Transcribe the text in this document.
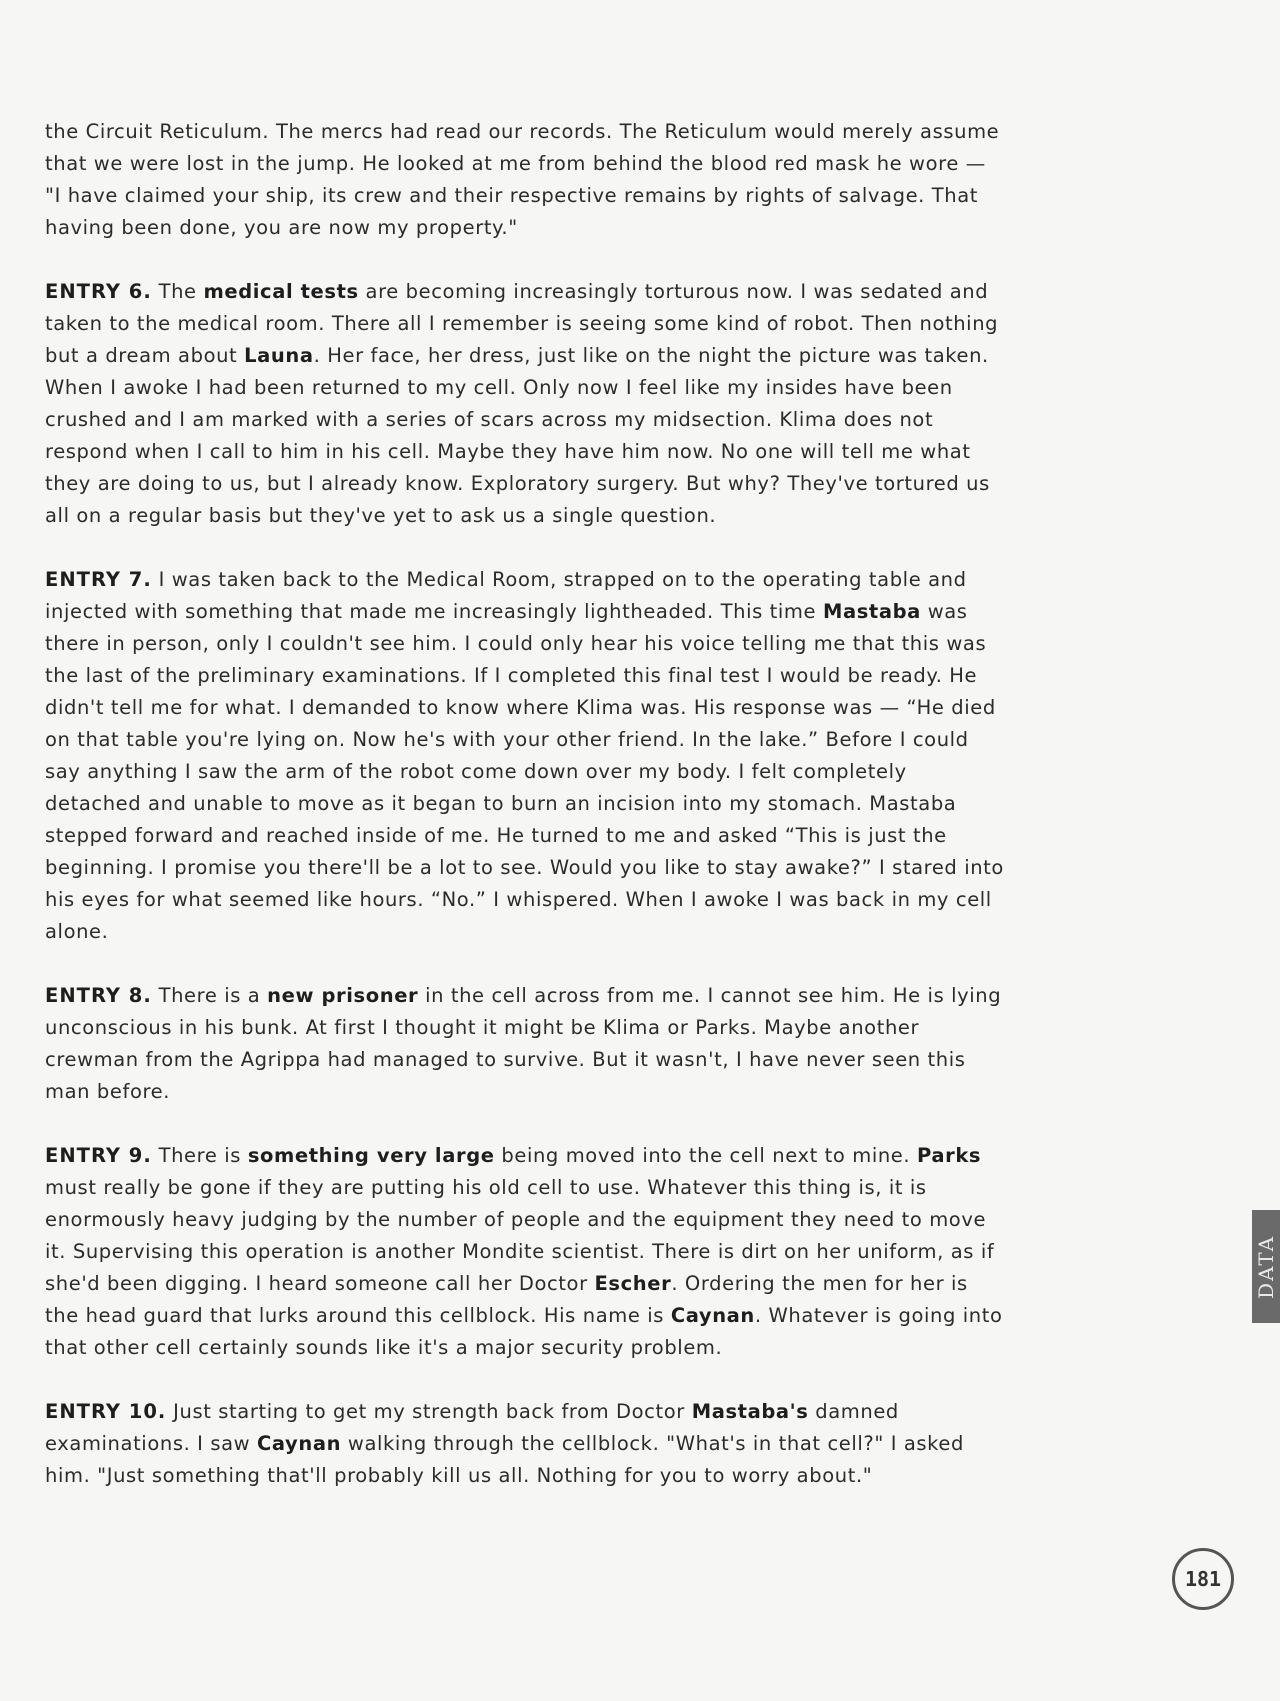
the Circuit Reticulum. The mercs had read our records. The Reticulum would merely assume that we were lost in the jump. He looked at me from behind the blood red mask he wore — "I have claimed your ship, its crew and their respective remains by rights of salvage. That having been done, you are now my property."

ENTRY 6. The medical tests are becoming increasingly torturous now. I was sedated and taken to the medical room. There all I remember is seeing some kind of robot. Then nothing but a dream about Launa. Her face, her dress, just like on the night the picture was taken. When I awoke I had been returned to my cell. Only now I feel like my insides have been crushed and I am marked with a series of scars across my midsection. Klima does not respond when I call to him in his cell. Maybe they have him now. No one will tell me what they are doing to us, but I already know. Exploratory surgery. But why? They've tortured us all on a regular basis but they've yet to ask us a single question.

ENTRY 7. I was taken back to the Medical Room, strapped on to the operating table and injected with something that made me increasingly lightheaded. This time Mastaba was there in person, only I couldn't see him. I could only hear his voice telling me that this was the last of the preliminary examinations. If I completed this final test I would be ready. He didn't tell me for what. I demanded to know where Klima was. His response was — “He died on that table you're lying on. Now he's with your other friend. In the lake.” Before I could say anything I saw the arm of the robot come down over my body. I felt completely detached and unable to move as it began to burn an incision into my stomach. Mastaba stepped forward and reached inside of me. He turned to me and asked “This is just the beginning. I promise you there'll be a lot to see. Would you like to stay awake?” I stared into his eyes for what seemed like hours. “No.” I whispered. When I awoke I was back in my cell alone.

ENTRY 8. There is a new prisoner in the cell across from me. I cannot see him. He is lying unconscious in his bunk. At first I thought it might be Klima or Parks. Maybe another crewman from the Agrippa had managed to survive. But it wasn't, I have never seen this man before.

ENTRY 9. There is something very large being moved into the cell next to mine. Parks must really be gone if they are putting his old cell to use. Whatever this thing is, it is enormously heavy judging by the number of people and the equipment they need to move it. Supervising this operation is another Mondite scientist. There is dirt on her uniform, as if she'd been digging. I heard someone call her Doctor Escher. Ordering the men for her is the head guard that lurks around this cellblock. His name is Caynan. Whatever is going into that other cell certainly sounds like it's a major security problem.

ENTRY 10. Just starting to get my strength back from Doctor Mastaba's damned examinations. I saw Caynan walking through the cellblock. "What's in that cell?" I asked him. "Just something that'll probably kill us all. Nothing for you to worry about."

DATA
181
